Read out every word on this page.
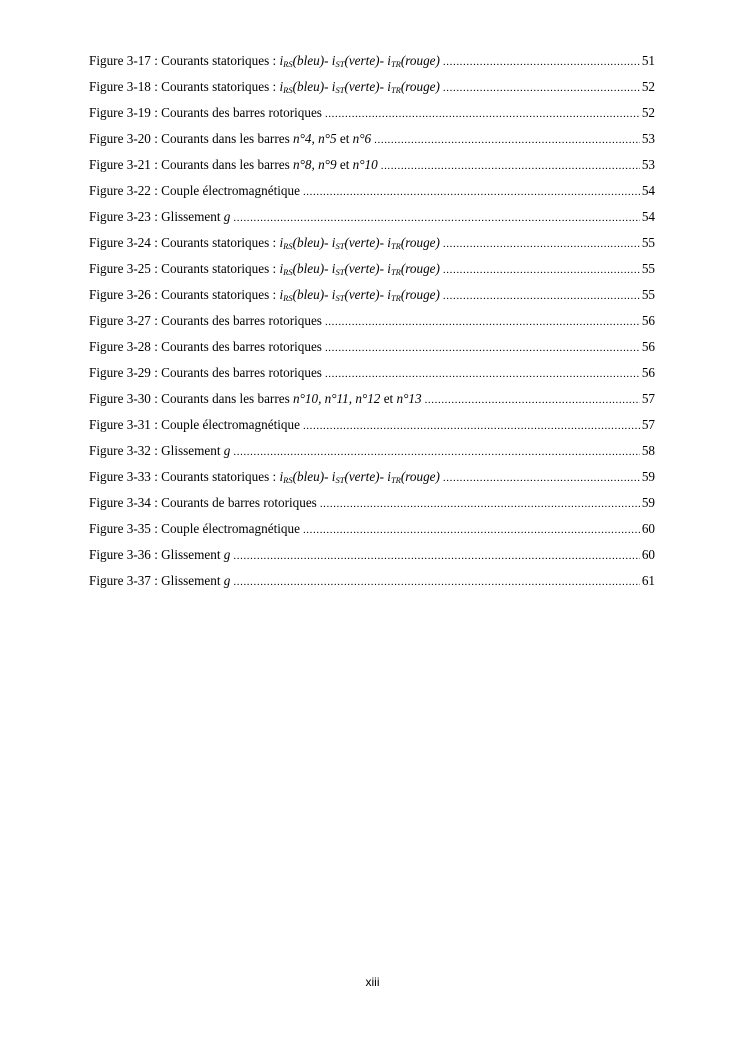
Figure 3-17 : Courants statoriques : $i_{RS}(bleu)-$ $i_{ST}(verte)-$ $i_{TR}(rouge)$ .....	51
Figure 3-18 : Courants statoriques : $i_{RS}(bleu)-$ $i_{ST}(verte)-$ $i_{TR}(rouge)$ .....	52
Figure 3-19 : Courants des barres rotoriques .....	52
Figure 3-20 : Courants dans les barres n°4, n°5 et n°6 .....	53
Figure 3-21 : Courants dans les barres n°8, n°9 et n°10 .....	53
Figure 3-22 : Couple électromagnétique .....	54
Figure 3-23 : Glissement g .....	54
Figure 3-24 : Courants statoriques : $i_{RS}(bleu)-$ $i_{ST}(verte)-$ $i_{TR}(rouge)$ .....	55
Figure 3-25 : Courants statoriques : $i_{RS}(bleu)-$ $i_{ST}(verte)-$ $i_{TR}(rouge)$ .....	55
Figure 3-26 : Courants statoriques : $i_{RS}(bleu)-$ $i_{ST}(verte)-$ $i_{TR}(rouge)$ .....	55
Figure 3-27 : Courants des barres rotoriques .....	56
Figure 3-28 : Courants des barres rotoriques .....	56
Figure 3-29 : Courants des barres rotoriques .....	56
Figure 3-30 : Courants dans les barres n°10, n°11, n°12 et n°13 .....	57
Figure 3-31 : Couple électromagnétique .....	57
Figure 3-32 : Glissement g .....	58
Figure 3-33 : Courants statoriques : $i_{RS}(bleu)-$ $i_{ST}(verte)-$ $i_{TR}(rouge)$ .....	59
Figure 3-34 : Courants de barres rotoriques .....	59
Figure 3-35 : Couple électromagnétique .....	60
Figure 3-36 : Glissement g .....	60
Figure 3-37 : Glissement g .....	61
xiii
